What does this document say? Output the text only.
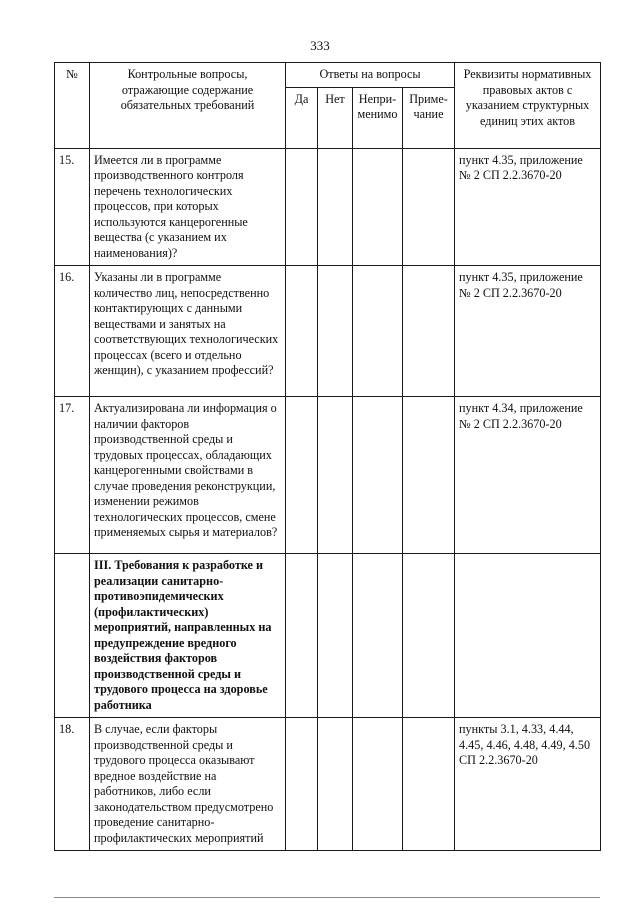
333
№	Контрольные вопросы, отражающие содержание обязательных требований	Ответы на вопросы				Реквизиты нормативных правовых актов с указанием структурных единиц этих актов
		Да	Нет	Непри-менимо	Приме-чание	
15.	Имеется ли в программе производственного контроля перечень технологических процессов, при которых используются канцерогенные вещества (с указанием их наименования)?					пункт 4.35, приложение № 2 СП 2.2.3670-20
16.	Указаны ли в программе количество лиц, непосредственно контактирующих с данными веществами и занятых на соответствующих технологических процессах (всего и отдельно женщин), с указанием профессий?					пункт 4.35, приложение № 2 СП 2.2.3670-20
17.	Актуализирована ли информация о наличии факторов производственной среды и трудовых процессах, обладающих канцерогенными свойствами в случае проведения реконструкции, изменении режимов технологических процессов, смене применяемых сырья и материалов?					пункт 4.34, приложение № 2 СП 2.2.3670-20
	III. Требования к разработке и реализации санитарно-противоэпидемических (профилактических) мероприятий, направленных на предупреждение вредного воздействия факторов производственной среды и трудового процесса на здоровье работника					
18.	В случае, если факторы производственной среды и трудового процесса оказывают вредное воздействие на работников, либо если законодательством предусмотрено проведение санитарно-профилактических мероприятий					пункты 3.1, 4.33, 4.44, 4.45, 4.46, 4.48, 4.49, 4.50 СП 2.2.3670-20
